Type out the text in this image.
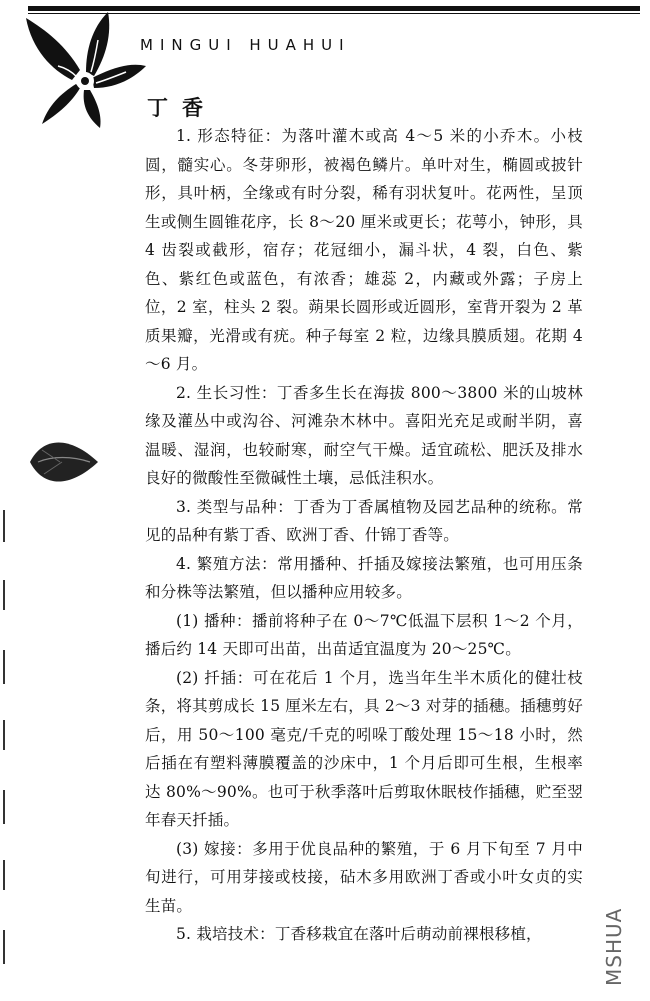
MINGUI HUAHUI
丁香

1. 形态特征：为落叶灌木或高 4～5 米的小乔木。小枝圆，髓实心。冬芽卵形，被褐色鳞片。单叶对生，椭圆或披针形，具叶柄，全缘或有时分裂，稀有羽状复叶。花两性，呈顶生或侧生圆锥花序，长 8～20 厘米或更长；花萼小，钟形，具 4 齿裂或截形，宿存；花冠细小，漏斗状，4 裂，白色、紫色、紫红色或蓝色，有浓香；雄蕊 2，内藏或外露；子房上位，2 室，柱头 2 裂。蒴果长圆形或近圆形，室背开裂为 2 革质果瓣，光滑或有疣。种子每室 2 粒，边缘具膜质翅。花期 4～6 月。

2. 生长习性：丁香多生长在海拔 800～3800 米的山坡林缘及灌丛中或沟谷、河滩杂木林中。喜阳光充足或耐半阴，喜温暖、湿润，也较耐寒，耐空气干燥。适宜疏松、肥沃及排水良好的微酸性至微碱性土壤，忌低洼积水。

3. 类型与品种：丁香为丁香属植物及园艺品种的统称。常见的品种有紫丁香、欧洲丁香、什锦丁香等。

4. 繁殖方法：常用播种、扦插及嫁接法繁殖，也可用压条和分株等法繁殖，但以播种应用较多。

(1) 播种：播前将种子在 0～7℃低温下层积 1～2 个月，播后约 14 天即可出苗，出苗适宜温度为 20～25℃。

(2) 扦插：可在花后 1 个月，选当年生半木质化的健壮枝条，将其剪成长 15 厘米左右，具 2～3 对芽的插穗。插穗剪好后，用 50～100 毫克/千克的吲哚丁酸处理 15～18 小时，然后插在有塑料薄膜覆盖的沙床中，1 个月后即可生根，生根率达 80%～90%。也可于秋季落叶后剪取休眠枝作插穗，贮至翌年春天扦插。

(3) 嫁接：多用于优良品种的繁殖，于 6 月下旬至 7 月中旬进行，可用芽接或枝接，砧木多用欧洲丁香或小叶女贞的实生苗。

5. 栽培技术：丁香移栽宜在落叶后萌动前裸根移植，	MSHUA
